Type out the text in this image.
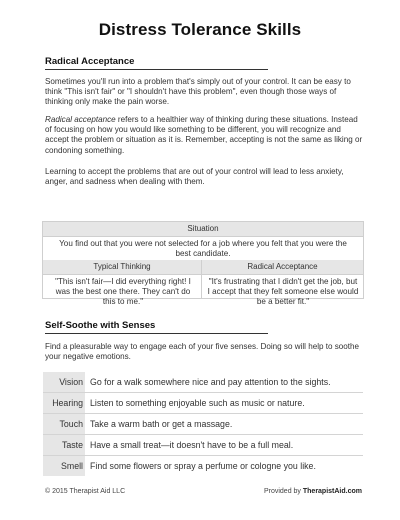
Distress Tolerance Skills
Radical Acceptance
Sometimes you'll run into a problem that's simply out of your control. It can be easy to think "This isn't fair" or "I shouldn't have this problem", even though those ways of thinking only make the pain worse.
Radical acceptance refers to a healthier way of thinking during these situations. Instead of focusing on how you would like something to be different, you will recognize and accept the problem or situation as it is. Remember, accepting is not the same as liking or condoning something.
Learning to accept the problems that are out of your control will lead to less anxiety, anger, and sadness when dealing with them.
Situation
You find out that you were not selected for a job where you felt that you were the best candidate.
Typical Thinking	Radical Acceptance
"This isn't fair—I did everything right! I was the best one there. They can't do this to me."
"It's frustrating that I didn't get the job, but I accept that they felt someone else would be a better fit."
Self-Soothe with Senses
Find a pleasurable way to engage each of your five senses. Doing so will help to soothe your negative emotions.
Vision Go for a walk somewhere nice and pay attention to the sights.
Hearing Listen to something enjoyable such as music or nature.
Touch Take a warm bath or get a massage.
Taste Have a small treat—it doesn't have to be a full meal.
Smell Find some flowers or spray a perfume or cologne you like.
© 2015 Therapist Aid LLC	Provided by TherapistAid.com
